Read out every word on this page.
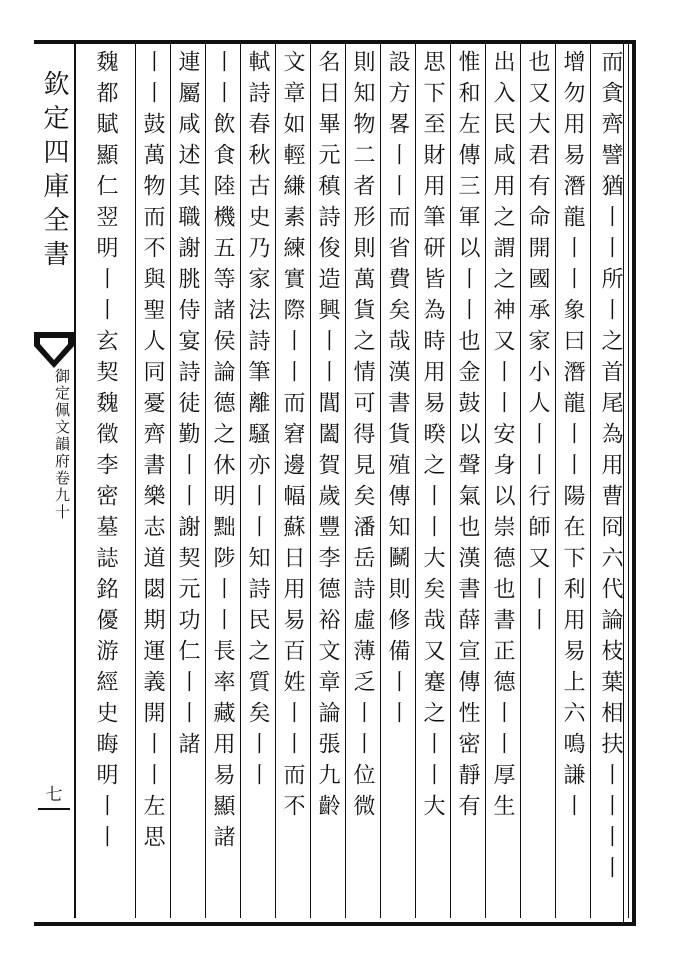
欽定四庫全書
御定佩文韻府卷九十
七	而貪齊譬猶丨丨所丨之首尾為用曹冏六代論枝葉相扶丨丨丨丨
增勿用易潛龍丨丨象曰潛龍丨丨陽在下利用易上六鳴謙丨
也又大君有命開國承家小人丨丨行師又丨丨
出入民咸用之謂之神又丨丨安身以崇德也書正德丨丨厚生
惟和左傳三軍以丨丨也金鼓以聲氣也漢書薛宣傳性密靜有
思下至財用筆研皆為時用易暌之丨丨大矣哉又蹇之丨丨大
設方畧丨丨而省費矣哉漢書貨殖傳知鬭則修備丨丨
則知物二者形則萬貨之情可得見矣潘岳詩虛薄乏丨丨位微
名日畢元稹詩俊造興丨丨閶闔賀歲豐李德裕文章論張九齡
文章如輕縑素練實際丨丨而窘邊幅蘇日用易百姓丨丨而不
軾詩春秋古史乃家法詩筆離騷亦丨丨知詩民之質矣丨丨
丨丨飲食陸機五等諸侯論德之休明黜陟丨丨長率藏用易顯諸
連屬咸述其職謝朓侍宴詩徒勤丨丨謝契元功仁丨丨諸
丨丨鼓萬物而不與聖人同憂齊書樂志道閟期運義開丨丨左思
魏都賦顯仁翌明丨丨玄契魏徵李密墓誌銘優游經史晦明丨丨
